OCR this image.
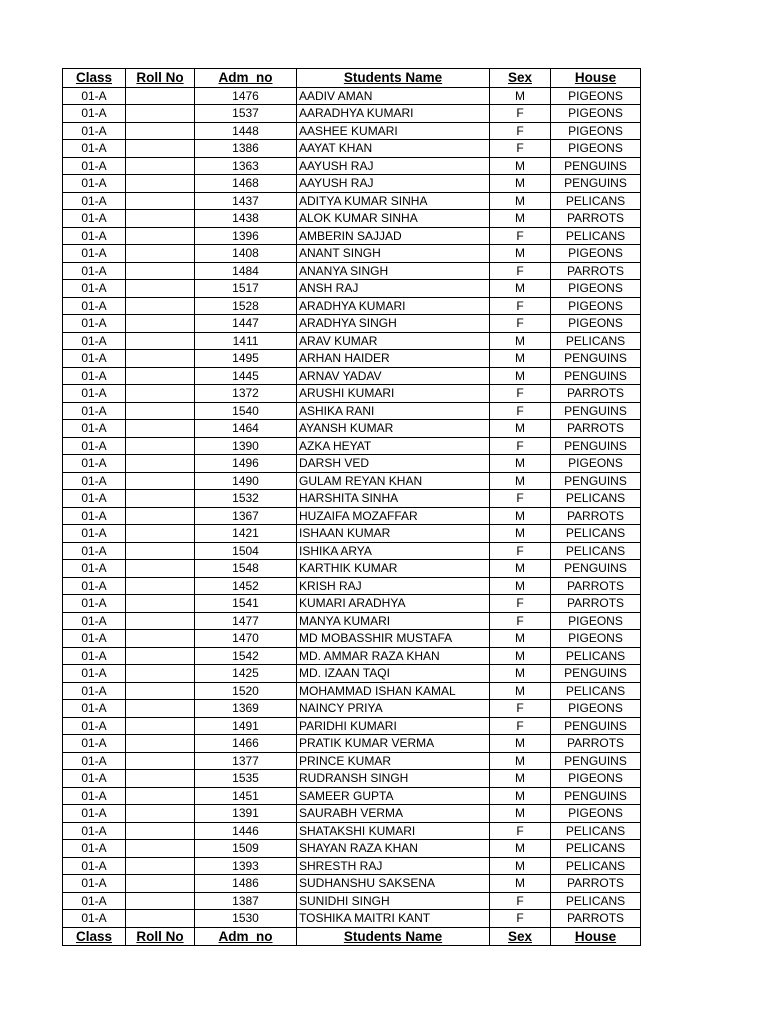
Class	Roll No	Adm_no	Students Name	Sex	House
01-A		1476	AADIV AMAN	M	PIGEONS
01-A		1537	AARADHYA KUMARI	F	PIGEONS
01-A		1448	AASHEE KUMARI	F	PIGEONS
01-A		1386	AAYAT KHAN	F	PIGEONS
01-A		1363	AAYUSH RAJ	M	PENGUINS
01-A		1468	AAYUSH RAJ	M	PENGUINS
01-A		1437	ADITYA KUMAR SINHA	M	PELICANS
01-A		1438	ALOK KUMAR SINHA	M	PARROTS
01-A		1396	AMBERIN SAJJAD	F	PELICANS
01-A		1408	ANANT SINGH	M	PIGEONS
01-A		1484	ANANYA SINGH	F	PARROTS
01-A		1517	ANSH RAJ	M	PIGEONS
01-A		1528	ARADHYA KUMARI	F	PIGEONS
01-A		1447	ARADHYA SINGH	F	PIGEONS
01-A		1411	ARAV KUMAR	M	PELICANS
01-A		1495	ARHAN HAIDER	M	PENGUINS
01-A		1445	ARNAV YADAV	M	PENGUINS
01-A		1372	ARUSHI KUMARI	F	PARROTS
01-A		1540	ASHIKA RANI	F	PENGUINS
01-A		1464	AYANSH KUMAR	M	PARROTS
01-A		1390	AZKA HEYAT	F	PENGUINS
01-A		1496	DARSH VED	M	PIGEONS
01-A		1490	GULAM REYAN KHAN	M	PENGUINS
01-A		1532	HARSHITA SINHA	F	PELICANS
01-A		1367	HUZAIFA MOZAFFAR	M	PARROTS
01-A		1421	ISHAAN KUMAR	M	PELICANS
01-A		1504	ISHIKA ARYA	F	PELICANS
01-A		1548	KARTHIK KUMAR	M	PENGUINS
01-A		1452	KRISH RAJ	M	PARROTS
01-A		1541	KUMARI ARADHYA	F	PARROTS
01-A		1477	MANYA KUMARI	F	PIGEONS
01-A		1470	MD MOBASSHIR MUSTAFA	M	PIGEONS
01-A		1542	MD. AMMAR RAZA KHAN	M	PELICANS
01-A		1425	MD. IZAAN TAQI	M	PENGUINS
01-A		1520	MOHAMMAD ISHAN KAMAL	M	PELICANS
01-A		1369	NAINCY PRIYA	F	PIGEONS
01-A		1491	PARIDHI KUMARI	F	PENGUINS
01-A		1466	PRATIK KUMAR VERMA	M	PARROTS
01-A		1377	PRINCE KUMAR	M	PENGUINS
01-A		1535	RUDRANSH SINGH	M	PIGEONS
01-A		1451	SAMEER GUPTA	M	PENGUINS
01-A		1391	SAURABH VERMA	M	PIGEONS
01-A		1446	SHATAKSHI KUMARI	F	PELICANS
01-A		1509	SHAYAN RAZA KHAN	M	PELICANS
01-A		1393	SHRESTH RAJ	M	PELICANS
01-A		1486	SUDHANSHU SAKSENA	M	PARROTS
01-A		1387	SUNIDHI SINGH	F	PELICANS
01-A		1530	TOSHIKA MAITRI KANT	F	PARROTS
Class	Roll No	Adm_no	Students Name	Sex	House
